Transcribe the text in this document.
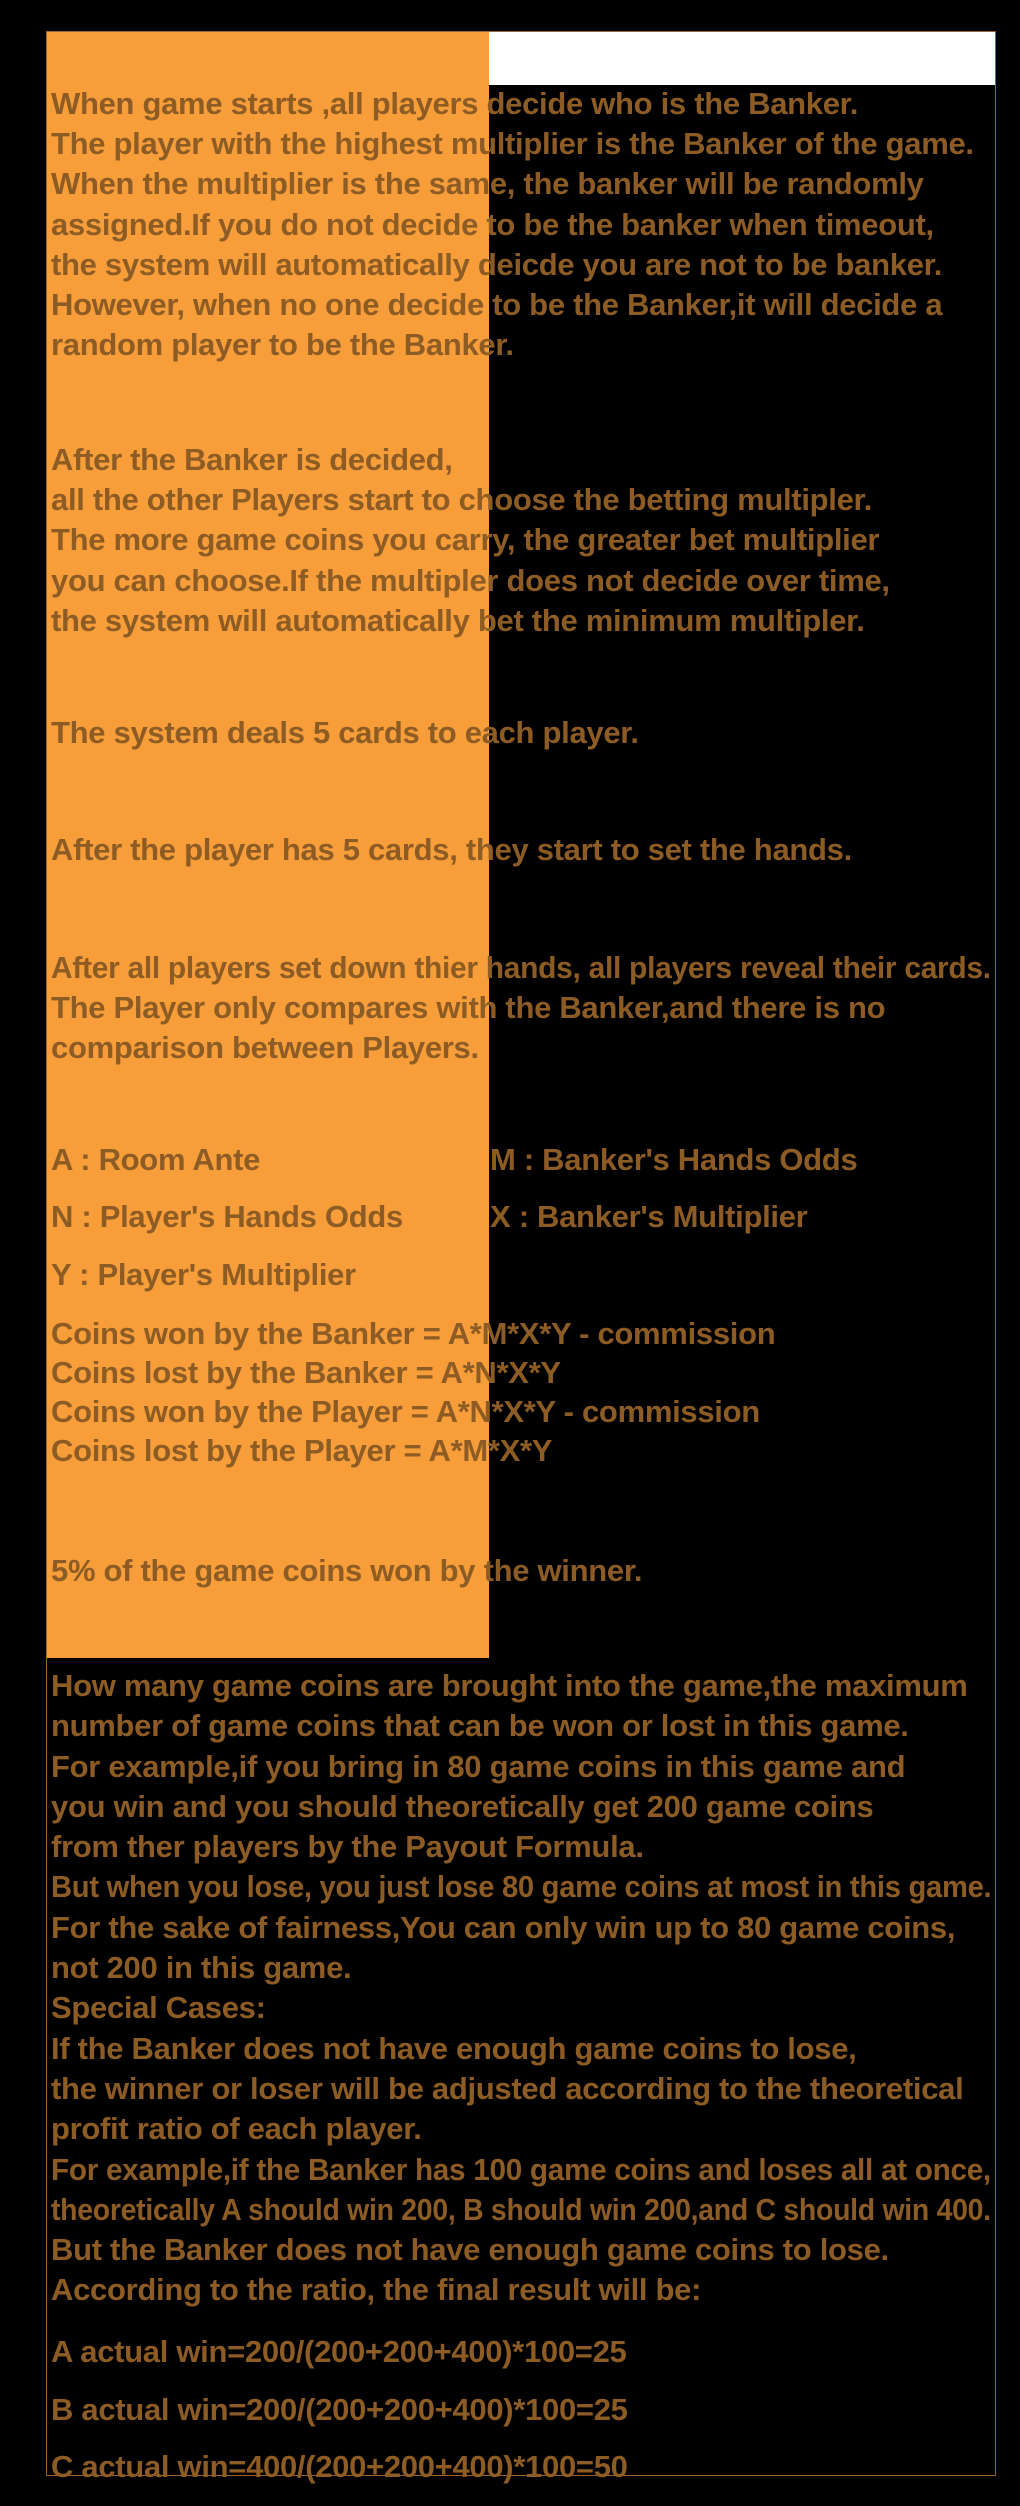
When game starts ,all players decide who is the Banker.
The player with the highest multiplier is the Banker of the game.
When the multiplier is the same, the banker will be randomly
assigned.If you do not decide to be the banker when timeout,
the system will automatically deicde you are not to be banker.
However, when no one decide to be the Banker,it will decide a
random player to be the Banker.
After the Banker is decided,
all the other Players start to choose the betting multipler.
The more game coins you carry, the greater bet multiplier
you can choose.If the multipler does not decide over time,
the system will automatically bet the minimum multipler.
The system deals 5 cards to each player.
After the player has 5 cards, they start to set the hands.
After all players set down thier hands, all players reveal their cards.
The Player only compares with the Banker,and there is no
comparison between Players.
A : Room Ante	M : Banker's Hands Odds
N : Player's Hands Odds	X : Banker's Multiplier
Y : Player's Multiplier
Coins won by the Banker = A*M*X*Y - commission
Coins lost by the Banker = A*N*X*Y
Coins won by the Player = A*N*X*Y - commission
Coins lost by the Player = A*M*X*Y
5% of the game coins won by the winner.
How many game coins are brought into the game,the maximum
number of game coins that can be won or lost in this game.
For example,if you bring in 80 game coins in this game and
you win and you should theoretically get 200 game coins
from ther players by the Payout Formula.
But when you lose, you just lose 80 game coins at most in this game.
For the sake of fairness,You can only win up to 80 game coins,
not 200 in this game.
Special Cases:
If the Banker does not have enough game coins to lose,
the winner or loser will be adjusted according to the theoretical
profit ratio of each player.
For example,if the Banker has 100 game coins and loses all at once,
theoretically A should win 200, B should win 200,and C should win 400.
But the Banker does not have enough game coins to lose.
According to the ratio, the final result will be:
A actual win=200/(200+200+400)*100=25
B actual win=200/(200+200+400)*100=25
C actual win=400/(200+200+400)*100=50
